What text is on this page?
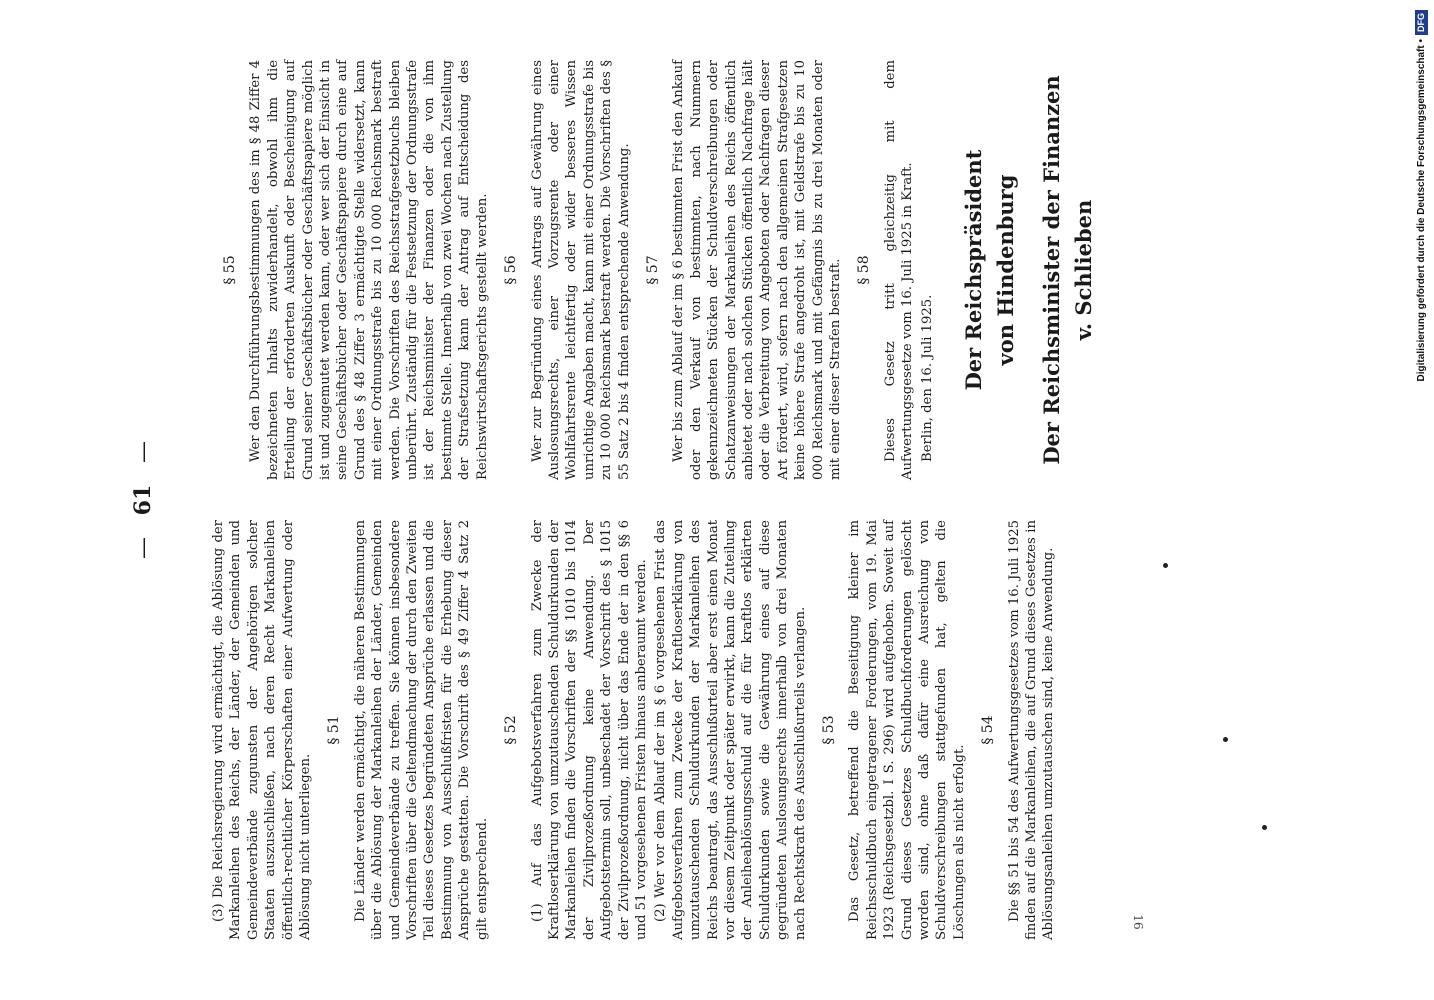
— 61 —

(3) Die Reichsregierung wird ermächtigt, die Ablösung der Markanleihen des Reichs, der Länder, der Gemeinden und Gemeindeverbände zugunsten der Angehörigen solcher Staaten auszuschließen, nach deren Recht Markanleihen öffentlich-rechtlicher Körperschaften einer Aufwertung oder Ablösung nicht unterliegen.

§ 51 Die Länder werden ermächtigt, die näheren Bestimmungen über die Ablösung der Markanleihen der Länder, Gemeinden und Gemeindeverbände zu treffen. Sie können insbesondere Vorschriften über die Geltendmachung der durch den Zweiten Teil dieses Gesetzes begründeten Ansprüche erlassen und die Bestimmung von Ausschlußfristen für die Erhebung dieser Ansprüche gestatten. Die Vorschrift des § 49 Ziffer 4 Satz 2 gilt entsprechend.

§ 52 (1) Auf das Aufgebotsverfahren zum Zwecke der Kraftloserklärung von umzutauschenden Schuldurkunden der Markanleihen finden die Vorschriften der §§ 1010 bis 1014 der Zivilprozeßordnung keine Anwendung. Der Aufgebotstermin soll, unbeschadet der Vorschrift des § 1015 der Zivilprozeßordnung, nicht über das Ende der in den §§ 6 und 51 vorgesehenen Fristen hinaus anberaumt werden. (2) Wer vor dem Ablauf der im § 6 vorgesehenen Frist das Aufgebotsverfahren zum Zwecke der Kraftloserklärung von umzutauschenden Schuldurkunden der Markanleihen des Reichs beantragt, das Ausschlußurteil aber erst einen Monat vor diesem Zeitpunkt oder später erwirkt, kann die Zuteilung der Anleiheablösungsschuld auf die für kraftlos erklärten Schuldurkunden sowie die Gewährung eines auf diese gegründeten Auslosungsrechts innerhalb von drei Monaten nach Rechtskraft des Ausschlußurteils verlangen. § 53 Das Gesetz, betreffend die Beseitigung kleiner im Reichsschuldbuch eingetragener Forderungen, vom 19. Mai 1923 (Reichsgesetzbl. I S. 296) wird aufgehoben. Soweit auf Grund dieses Gesetzes Schuldbuchforderungen gelöscht worden sind, ohne daß dafür eine Ausreichung von Schuldverschreibungen stattgefunden hat, gelten die Löschungen als nicht erfolgt.

§ 54 Die §§ 51 bis 54 des Aufwertungsgesetzes vom 16. Juli 1925 finden auf die Markanleihen, die auf Grund dieses Gesetzes in Ablösungsanleihen umzutauschen sind, keine Anwendung.

§ 55 Wer den Durchführungsbestimmungen des im § 48 Ziffer 4 bezeichneten Inhalts zuwiderhandelt, obwohl ihm die Erteilung der erforderten Auskunft oder Bescheinigung auf Grund seiner Geschäftsbücher oder Geschäftspapiere möglich ist und zugemutet werden kann, oder wer sich der Einsicht in seine Geschäftsbücher oder Geschäftspapiere durch eine auf Grund des § 48 Ziffer 3 ermächtigte Stelle widersetzt, kann mit einer Ordnungsstrafe bis zu 10 000 Reichsmark bestraft werden. Die Vorschriften des Reichsstrafgesetzbuchs bleiben unberührt. Zuständig für die Festsetzung der Ordnungsstrafe ist der Reichsminister der Finanzen oder die von ihm bestimmte Stelle. Innerhalb von zwei Wochen nach Zustellung der Strafsetzung kann der Antrag auf Entscheidung des Reichswirtschaftsgerichts gestellt werden. § 56 Wer zur Begründung eines Antrags auf Gewährung eines Auslosungsrechts, einer Vorzugsrente oder einer Wohlfahrtsrente leichtfertig oder wider besseres Wissen unrichtige Angaben macht, kann mit einer Ordnungsstrafe bis zu 10 000 Reichsmark bestraft werden. Die Vorschriften des § 55 Satz 2 bis 4 finden entsprechende Anwendung. § 57 Wer bis zum Ablauf der im § 6 bestimmten Frist den Ankauf oder den Verkauf von bestimmten, nach Nummern gekennzeichneten Stücken der Schuldverschreibungen oder Schatzanweisungen der Markanleihen des Reichs öffentlich anbietet oder nach solchen Stücken öffentlich Nachfrage hält oder die Verbreitung von Angeboten oder Nachfragen dieser Art fördert, wird, sofern nach den allgemeinen Strafgesetzen keine höhere Strafe angedroht ist, mit Geldstrafe bis zu 10 000 Reichsmark und mit Gefängnis bis zu drei Monaten oder mit einer dieser Strafen bestraft. § 58 Dieses Gesetz tritt gleichzeitig mit dem Aufwertungsgesetze vom 16. Juli 1925 in Kraft. Berlin, den 16. Juli 1925. Der Reichspräsident von Hindenburg Der Reichsminister der Finanzen v. Schlieben
16
Digitalisierung gefördert durch die Deutsche Forschungsgemeinschaft •DFG
